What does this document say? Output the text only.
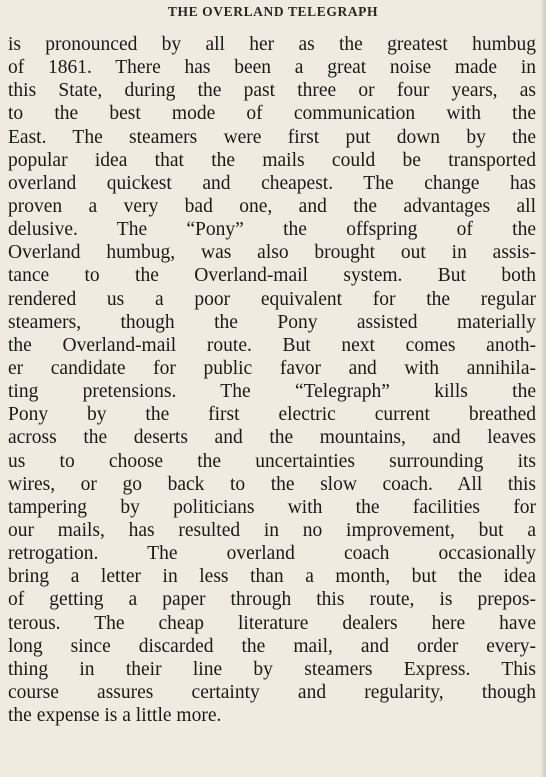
THE OVERLAND TELEGRAPH
is pronounced by all her as the greatest humbug
of 1861. There has been a great noise made in
this State, during the past three or four years, as
to the best mode of communication with the
East. The steamers were first put down by the
popular idea that the mails could be transported
overland quickest and cheapest. The change has
proven a very bad one, and the advantages all
delusive. The “Pony” the offspring of the
Overland humbug, was also brought out in assis-
tance to the Overland-mail system. But both
rendered us a poor equivalent for the regular
steamers, though the Pony assisted materially
the Overland-mail route. But next comes anoth-
er candidate for public favor and with annihila-
ting pretensions. The “Telegraph” kills the
Pony by the first electric current breathed
across the deserts and the mountains, and leaves
us to choose the uncertainties surrounding its
wires, or go back to the slow coach. All this
tampering by politicians with the facilities for
our mails, has resulted in no improvement, but a
retrogation. The overland coach occasionally
bring a letter in less than a month, but the idea
of getting a paper through this route, is prepos-
terous. The cheap literature dealers here have
long since discarded the mail, and order every-
thing in their line by steamers Express. This
course assures certainty and regularity, though
the expense is a little more.
